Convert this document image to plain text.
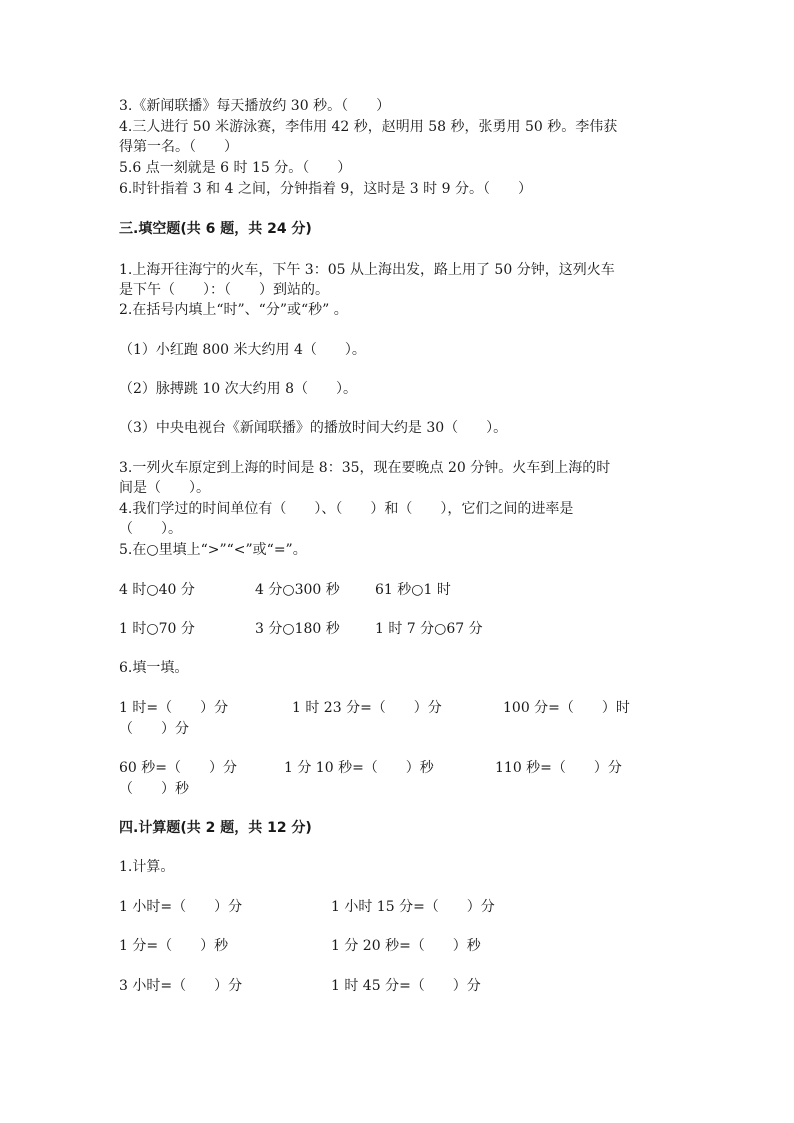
3.《新闻联播》每天播放约 30 秒。（　　）
4.三人进行 50 米游泳赛，李伟用 42 秒，赵明用 58 秒，张勇用 50 秒。李伟获
得第一名。（　　）
5.6 点一刻就是 6 时 15 分。（　　）
6.时针指着 3 和 4 之间，分钟指着 9，这时是 3 时 9 分。（　　）
三.填空题(共 6 题，共 24 分)
1.上海开往海宁的火车，下午 3：05 从上海出发，路上用了 50 分钟，这列火车
是下午（　　）：（　　）到站的。
2.在括号内填上“时”、“分”或“秒” 。
（1）小红跑 800 米大约用 4（　　）。
（2）脉搏跳 10 次大约用 8（　　）。
（3）中央电视台《新闻联播》的播放时间大约是 30（　　）。
3.一列火车原定到上海的时间是 8：35，现在要晚点 20 分钟。火车到上海的时
间是（　　）。
4.我们学过的时间单位有（　　）、（　　）和（　　），它们之间的进率是
（　　）。
5.在○里填上“>”“<”或“=”。
4 时○40 分	4 分○300 秒	61 秒○1 时
1 时○70 分	3 分○180 秒	1 时 7 分○67 分
6.填一填。
1 时=（　　）分	1 时 23 分=（　　）分	100 分=（　　）时
（　　）分
60 秒=（　　）分	1 分 10 秒=（　　）秒	110 秒=（　　）分
（　　）秒
四.计算题(共 2 题，共 12 分)
1.计算。
1 小时=（　　）分	1 小时 15 分=（　　）分
1 分=（　　）秒	1 分 20 秒=（　　）秒
3 小时=（　　）分	1 时 45 分=（　　）分
